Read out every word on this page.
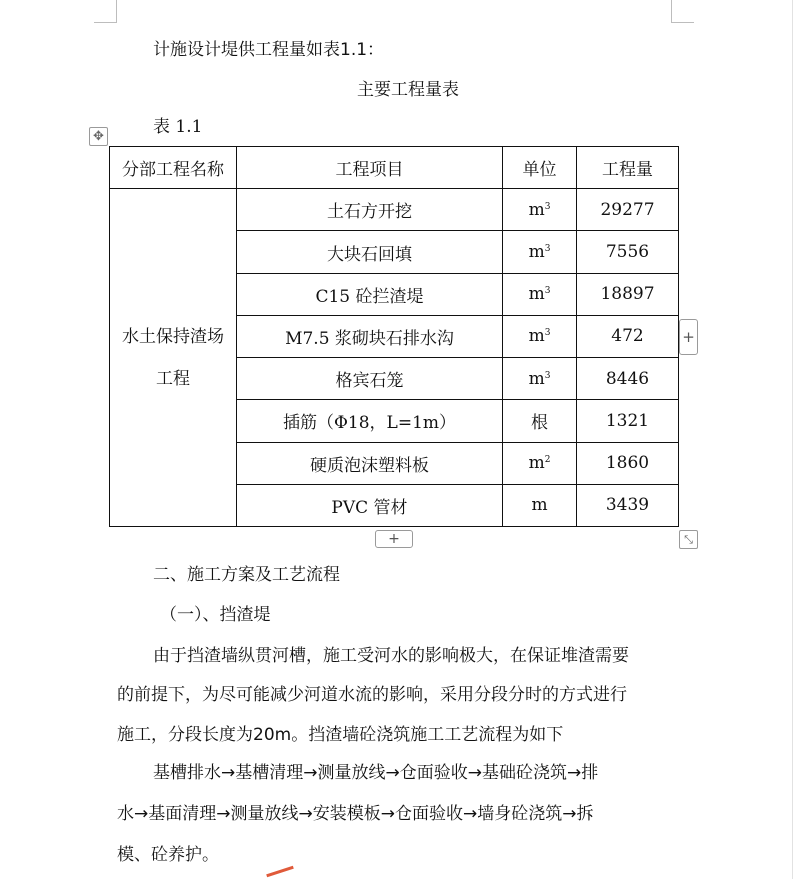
计施设计堤供工程量如表1.1：
主要工程量表
表 1.1
✥
分部工程名称	工程项目	单位	工程量
水土保持渣场
工程	土石方开挖	$m^3$	29277
	大块石回填	$m^3$	7556
	C15 砼拦渣堤	$m^3$	18897
	M7.5 浆砌块石排水沟	$m^3$	472
	格宾石笼	$m^3$	8446
	插筋（Φ18，L=1m）	根	1321
	硬质泡沫塑料板	$m^2$	1860
	PVC 管材	m	3439
+
+	⤡
二、施工方案及工艺流程
（一）、挡渣堤
由于挡渣墙纵贯河槽，施工受河水的影响极大，在保证堆渣需要
的前提下，为尽可能减少河道水流的影响，采用分段分时的方式进行
施工，分段长度为20m。挡渣墙砼浇筑施工工艺流程为如下
基槽排水→基槽清理→测量放线→仓面验收→基础砼浇筑→排
水→基面清理→测量放线→安装模板→仓面验收→墙身砼浇筑→拆
模、砼养护。
